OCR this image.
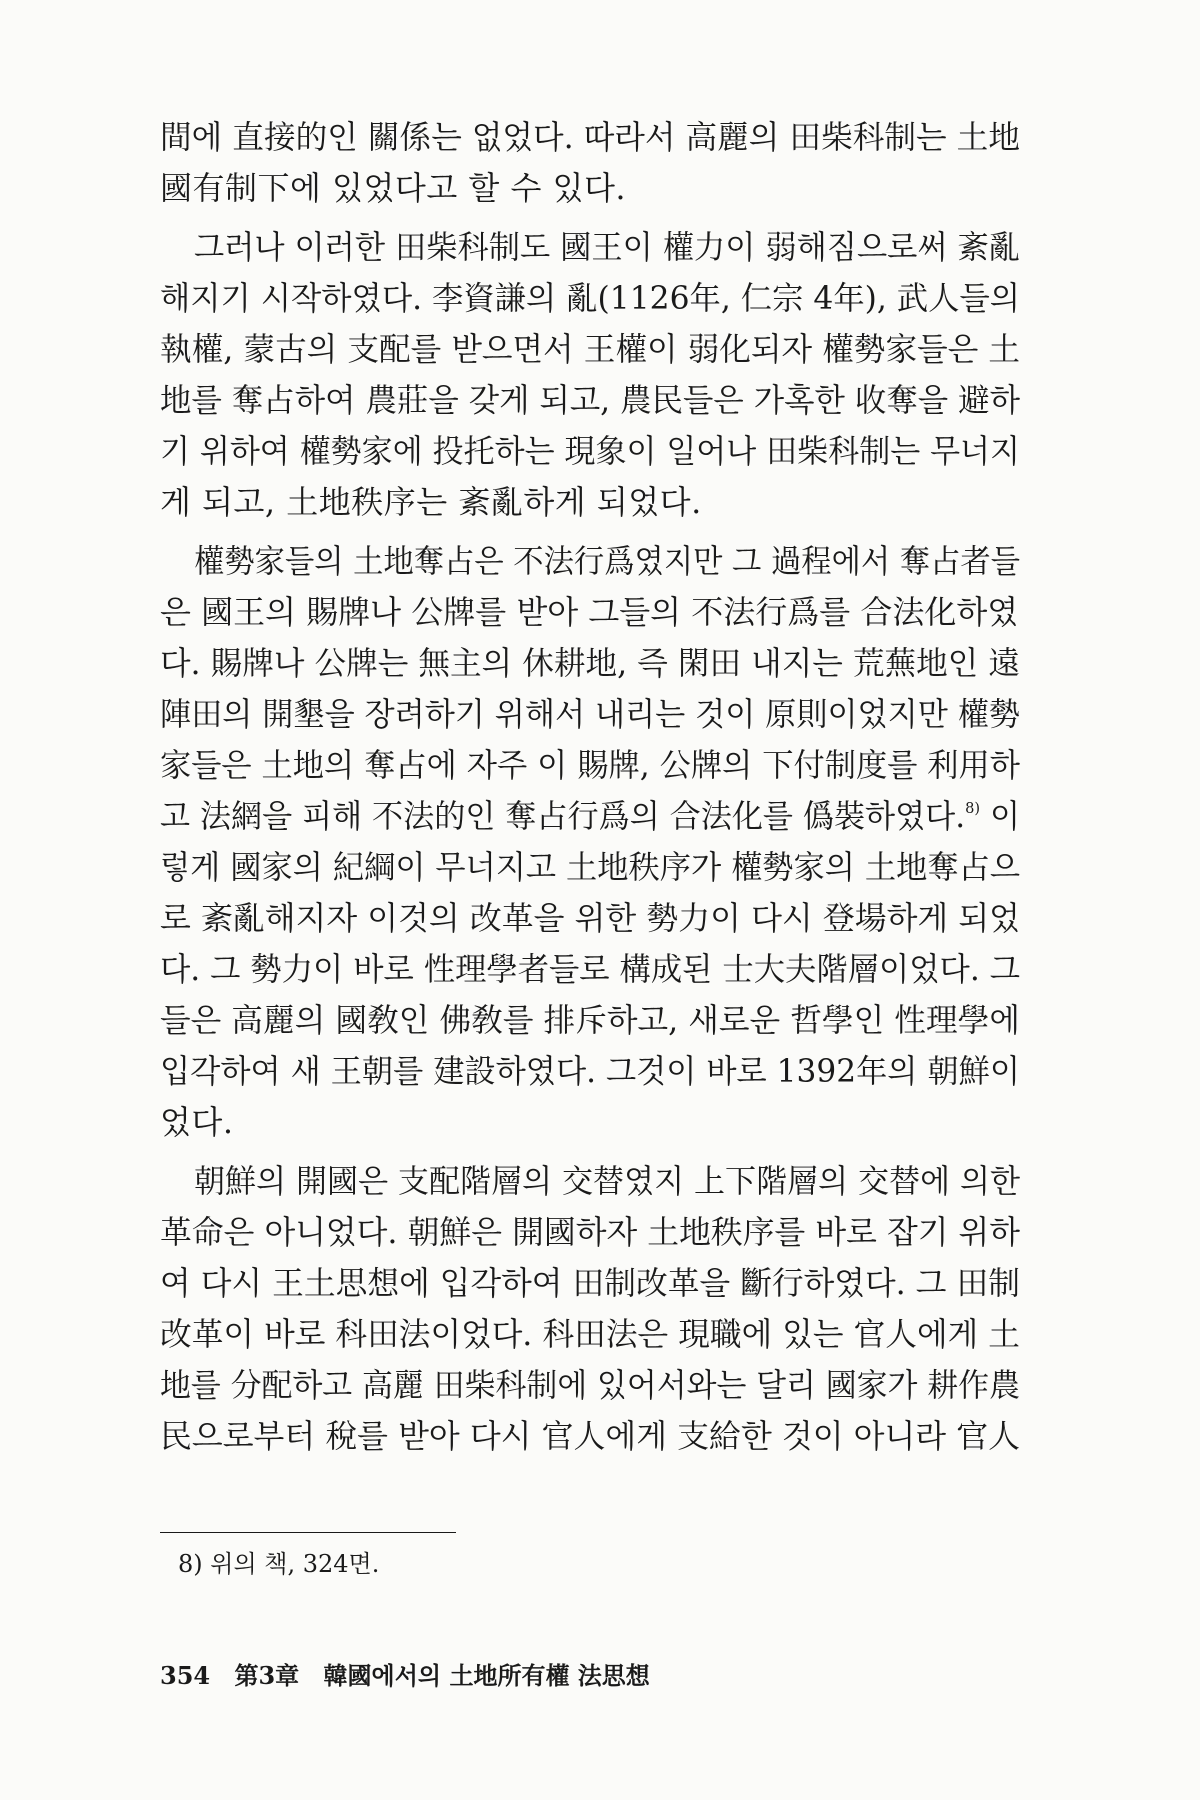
間에 直接的인 關係는 없었다. 따라서 高麗의 田柴科制는 土地
國有制下에 있었다고 할 수 있다.
그러나 이러한 田柴科制도 國王이 權力이 弱해짐으로써 紊亂
해지기 시작하였다. 李資謙의 亂(1126年, 仁宗 4年), 武人들의
執權, 蒙古의 支配를 받으면서 王權이 弱化되자 權勢家들은 土
地를 奪占하여 農莊을 갖게 되고, 農民들은 가혹한 收奪을 避하
기 위하여 權勢家에 投托하는 現象이 일어나 田柴科制는 무너지
게 되고, 土地秩序는 紊亂하게 되었다.
權勢家들의 土地奪占은 不法行爲였지만 그 過程에서 奪占者들
은 國王의 賜牌나 公牌를 받아 그들의 不法行爲를 合法化하였
다. 賜牌나 公牌는 無主의 休耕地, 즉 閑田 내지는 荒蕪地인 遠
陣田의 開墾을 장려하기 위해서 내리는 것이 原則이었지만 權勢
家들은 土地의 奪占에 자주 이 賜牌, 公牌의 下付制度를 利用하
고 法網을 피해 不法的인 奪占行爲의 合法化를 僞裝하였다.8) 이
렇게 國家의 紀綱이 무너지고 土地秩序가 權勢家의 土地奪占으
로 紊亂해지자 이것의 改革을 위한 勢力이 다시 登場하게 되었
다. 그 勢力이 바로 性理學者들로 構成된 士大夫階層이었다. 그
들은 高麗의 國敎인 佛敎를 排斥하고, 새로운 哲學인 性理學에
입각하여 새 王朝를 建設하였다. 그것이 바로 1392年의 朝鮮이
었다.
朝鮮의 開國은 支配階層의 交替였지 上下階層의 交替에 의한
革命은 아니었다. 朝鮮은 開國하자 土地秩序를 바로 잡기 위하
여 다시 王土思想에 입각하여 田制改革을 斷行하였다. 그 田制
改革이 바로 科田法이었다. 科田法은 現職에 있는 官人에게 土
地를 分配하고 高麗 田柴科制에 있어서와는 달리 國家가 耕作農
民으로부터 稅를 받아 다시 官人에게 支給한 것이 아니라 官人
8) 위의 책, 324면.
354 第3章 韓國에서의 土地所有權 法思想
